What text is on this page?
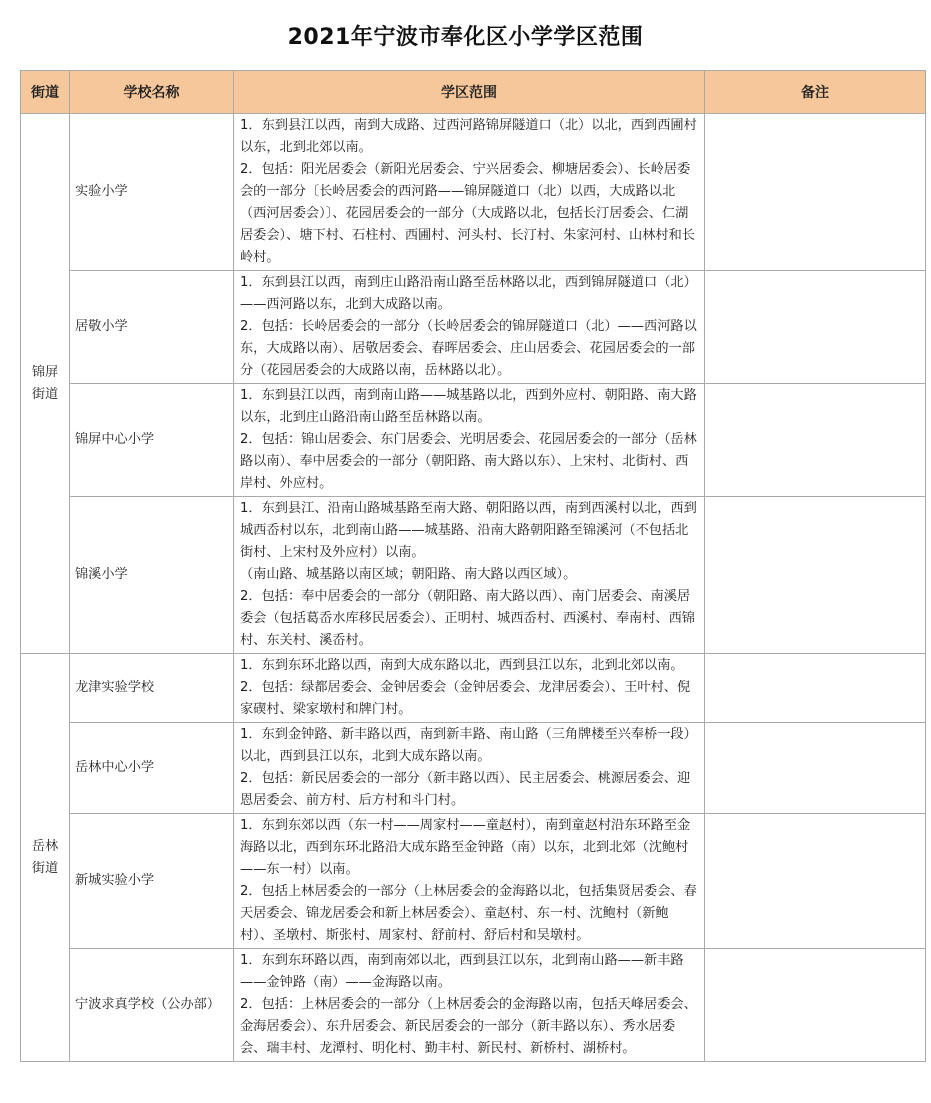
2021年宁波市奉化区小学学区范围
街道	学校名称	学区范围	备注
锦屏街道	实验小学	1．东到县江以西，南到大成路、过西河路锦屏隧道口（北）以北，西到西圃村以东，北到北郊以南。
2．包括：阳光居委会（新阳光居委会、宁兴居委会、柳塘居委会）、长岭居委会的一部分〔长岭居委会的西河路——锦屏隧道口（北）以西，大成路以北（西河居委会）〕、花园居委会的一部分（大成路以北，包括长汀居委会、仁湖居委会）、塘下村、石柱村、西圃村、河头村、长汀村、朱家河村、山林村和长岭村。	

	居敬小学	1．东到县江以西，南到庄山路沿南山路至岳林路以北，西到锦屏隧道口（北）——西河路以东，北到大成路以南。
2．包括：长岭居委会的一部分（长岭居委会的锦屏隧道口（北）——西河路以东，大成路以南）、居敬居委会、春晖居委会、庄山居委会、花园居委会的一部分（花园居委会的大成路以南，岳林路以北）。	

	锦屏中心小学	1．东到县江以西，南到南山路——城基路以北，西到外应村、朝阳路、南大路以东，北到庄山路沿南山路至岳林路以南。
2．包括：锦山居委会、东门居委会、光明居委会、花园居委会的一部分（岳林路以南）、奉中居委会的一部分（朝阳路、南大路以东）、上宋村、北街村、西岸村、外应村。	

	锦溪小学	1．东到县江、沿南山路城基路至南大路、朝阳路以西，南到西溪村以北，西到城西岙村以东，北到南山路——城基路、沿南大路朝阳路至锦溪河（不包括北街村、上宋村及外应村）以南。
（南山路、城基路以南区域；朝阳路、南大路以西区域）。
2．包括：奉中居委会的一部分（朝阳路、南大路以西）、南门居委会、南溪居委会（包括葛岙水库移民居委会）、正明村、城西岙村、西溪村、奉南村、西锦村、东关村、溪岙村。	

岳林街道	龙津实验学校	1．东到东环北路以西，南到大成东路以北，西到县江以东，北到北郊以南。
2．包括：绿都居委会、金钟居委会（金钟居委会、龙津居委会）、王叶村、倪家碶村、梁家墩村和牌门村。	

	岳林中心小学	1．东到金钟路、新丰路以西，南到新丰路、南山路（三角牌楼至兴奉桥一段）以北，西到县江以东，北到大成东路以南。
2．包括：新民居委会的一部分（新丰路以西）、民主居委会、桃源居委会、迎恩居委会、前方村、后方村和斗门村。	

	新城实验小学	1．东到东郊以西（东一村——周家村——童赵村），南到童赵村沿东环路至金海路以北，西到东环北路沿大成东路至金钟路（南）以东，北到北郊（沈鲍村——东一村）以南。
2．包括上林居委会的一部分（上林居委会的金海路以北，包括集贤居委会、春天居委会、锦龙居委会和新上林居委会）、童赵村、东一村、沈鲍村（新鲍村）、圣墩村、斯张村、周家村、舒前村、舒后村和吴墩村。	

	宁波求真学校（公办部）	1．东到东环路以西，南到南郊以北，西到县江以东，北到南山路——新丰路——金钟路（南）——金海路以南。
2．包括：上林居委会的一部分（上林居委会的金海路以南，包括天峰居委会、金海居委会）、东升居委会、新民居委会的一部分（新丰路以东）、秀水居委会、瑞丰村、龙潭村、明化村、勤丰村、新民村、新桥村、湖桥村。	
